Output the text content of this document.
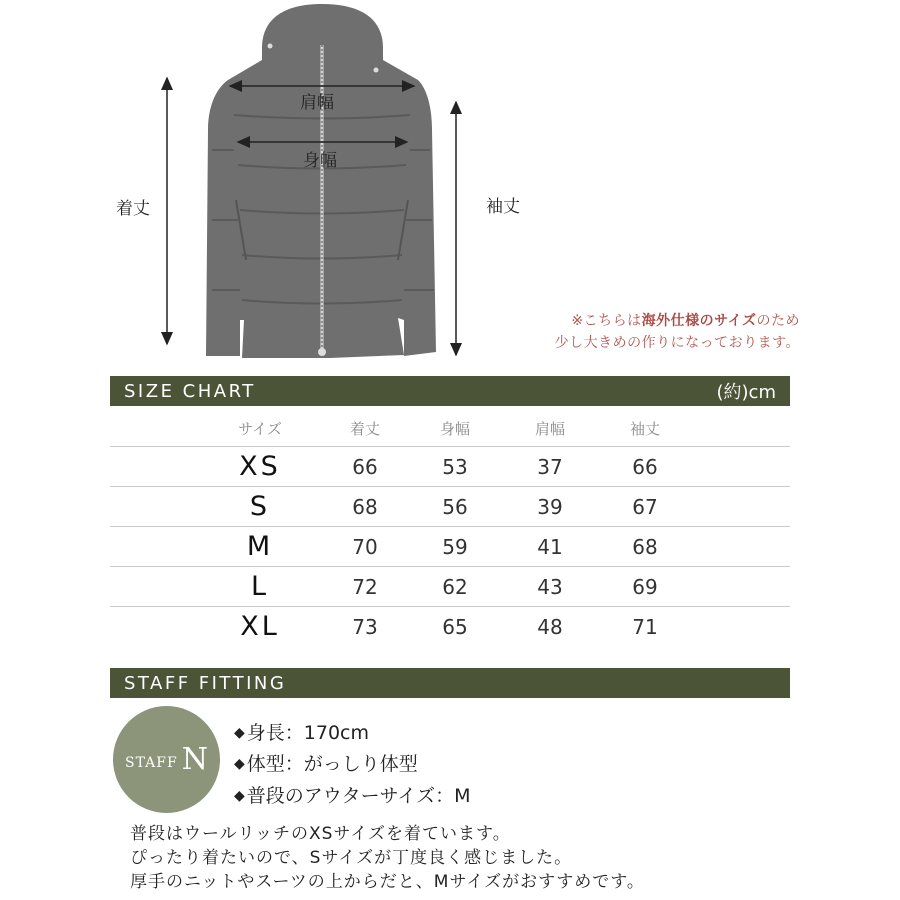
着丈
肩幅
身幅
袖丈
※こちらは海外仕様のサイズのため
少し大きめの作りになっております。
SIZE CHART	(約)cm
サイズ	着丈	身幅	肩幅	袖丈
XS	66	53	37	66
S	68	56	39	67
M	70	59	41	68
L	72	62	43	69
XL	73	65	48	71
STAFF FITTING
STAFF N
◆ 身長：170cm
◆ 体型：がっしり体型
◆ 普段のアウターサイズ：M
普段はウールリッチのXSサイズを着ています。
ぴったり着たいので、Sサイズが丁度良く感じました。
厚手のニットやスーツの上からだと、Mサイズがおすすめです。
